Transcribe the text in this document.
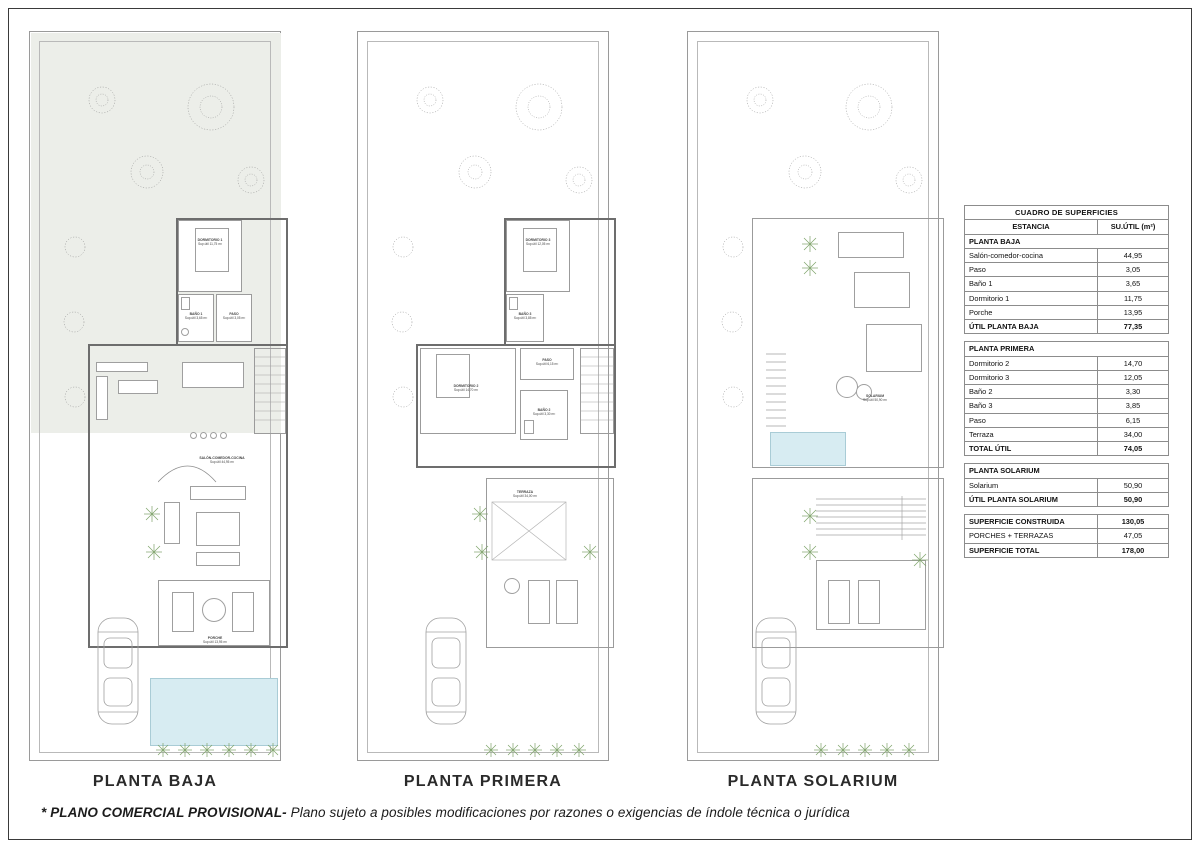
DORMITORIO 1
Sup.útil 11,75 m²
BAÑO 1
Sup.útil 3,65 m²
PASO
Sup.útil 3,05 m²
SALÓN-COMEDOR-COCINA
Sup.útil 44,95 m²
PORCHE
Sup.útil 13,95 m²
PLANTA BAJA
DORMITORIO 3
Sup.útil 12,05 m²
BAÑO 3
Sup.útil 3,85 m²
DORMITORIO 2
Sup.útil 14,70 m²
PASO
Sup.útil 6,15 m²
BAÑO 2
Sup.útil 3,30 m²
TERRAZA
Sup.útil 34,00 m²
PLANTA PRIMERA
SOLARIUM
Sup.útil 50,90 m²
PLANTA SOLARIUM
CUADRO DE SUPERFICIES	
ESTANCIA	SU.ÚTIL (m²)
PLANTA BAJA	
Salón-comedor-cocina	44,95
Paso	3,05
Baño 1	3,65
Dormitorio 1	11,75
Porche	13,95
ÚTIL PLANTA BAJA	77,35

PLANTA PRIMERA	
Dormitorio 2	14,70
Dormitorio 3	12,05
Baño 2	3,30
Baño 3	3,85
Paso	6,15
Terraza	34,00
TOTAL ÚTIL	74,05

PLANTA SOLARIUM	
Solarium	50,90
ÚTIL PLANTA SOLARIUM	50,90

SUPERFICIE CONSTRUIDA	130,05
PORCHES + TERRAZAS	47,05
SUPERFICIE TOTAL	178,00
* PLANO COMERCIAL PROVISIONAL- Plano sujeto a posibles modificaciones por razones o exigencias de índole técnica o jurídica
